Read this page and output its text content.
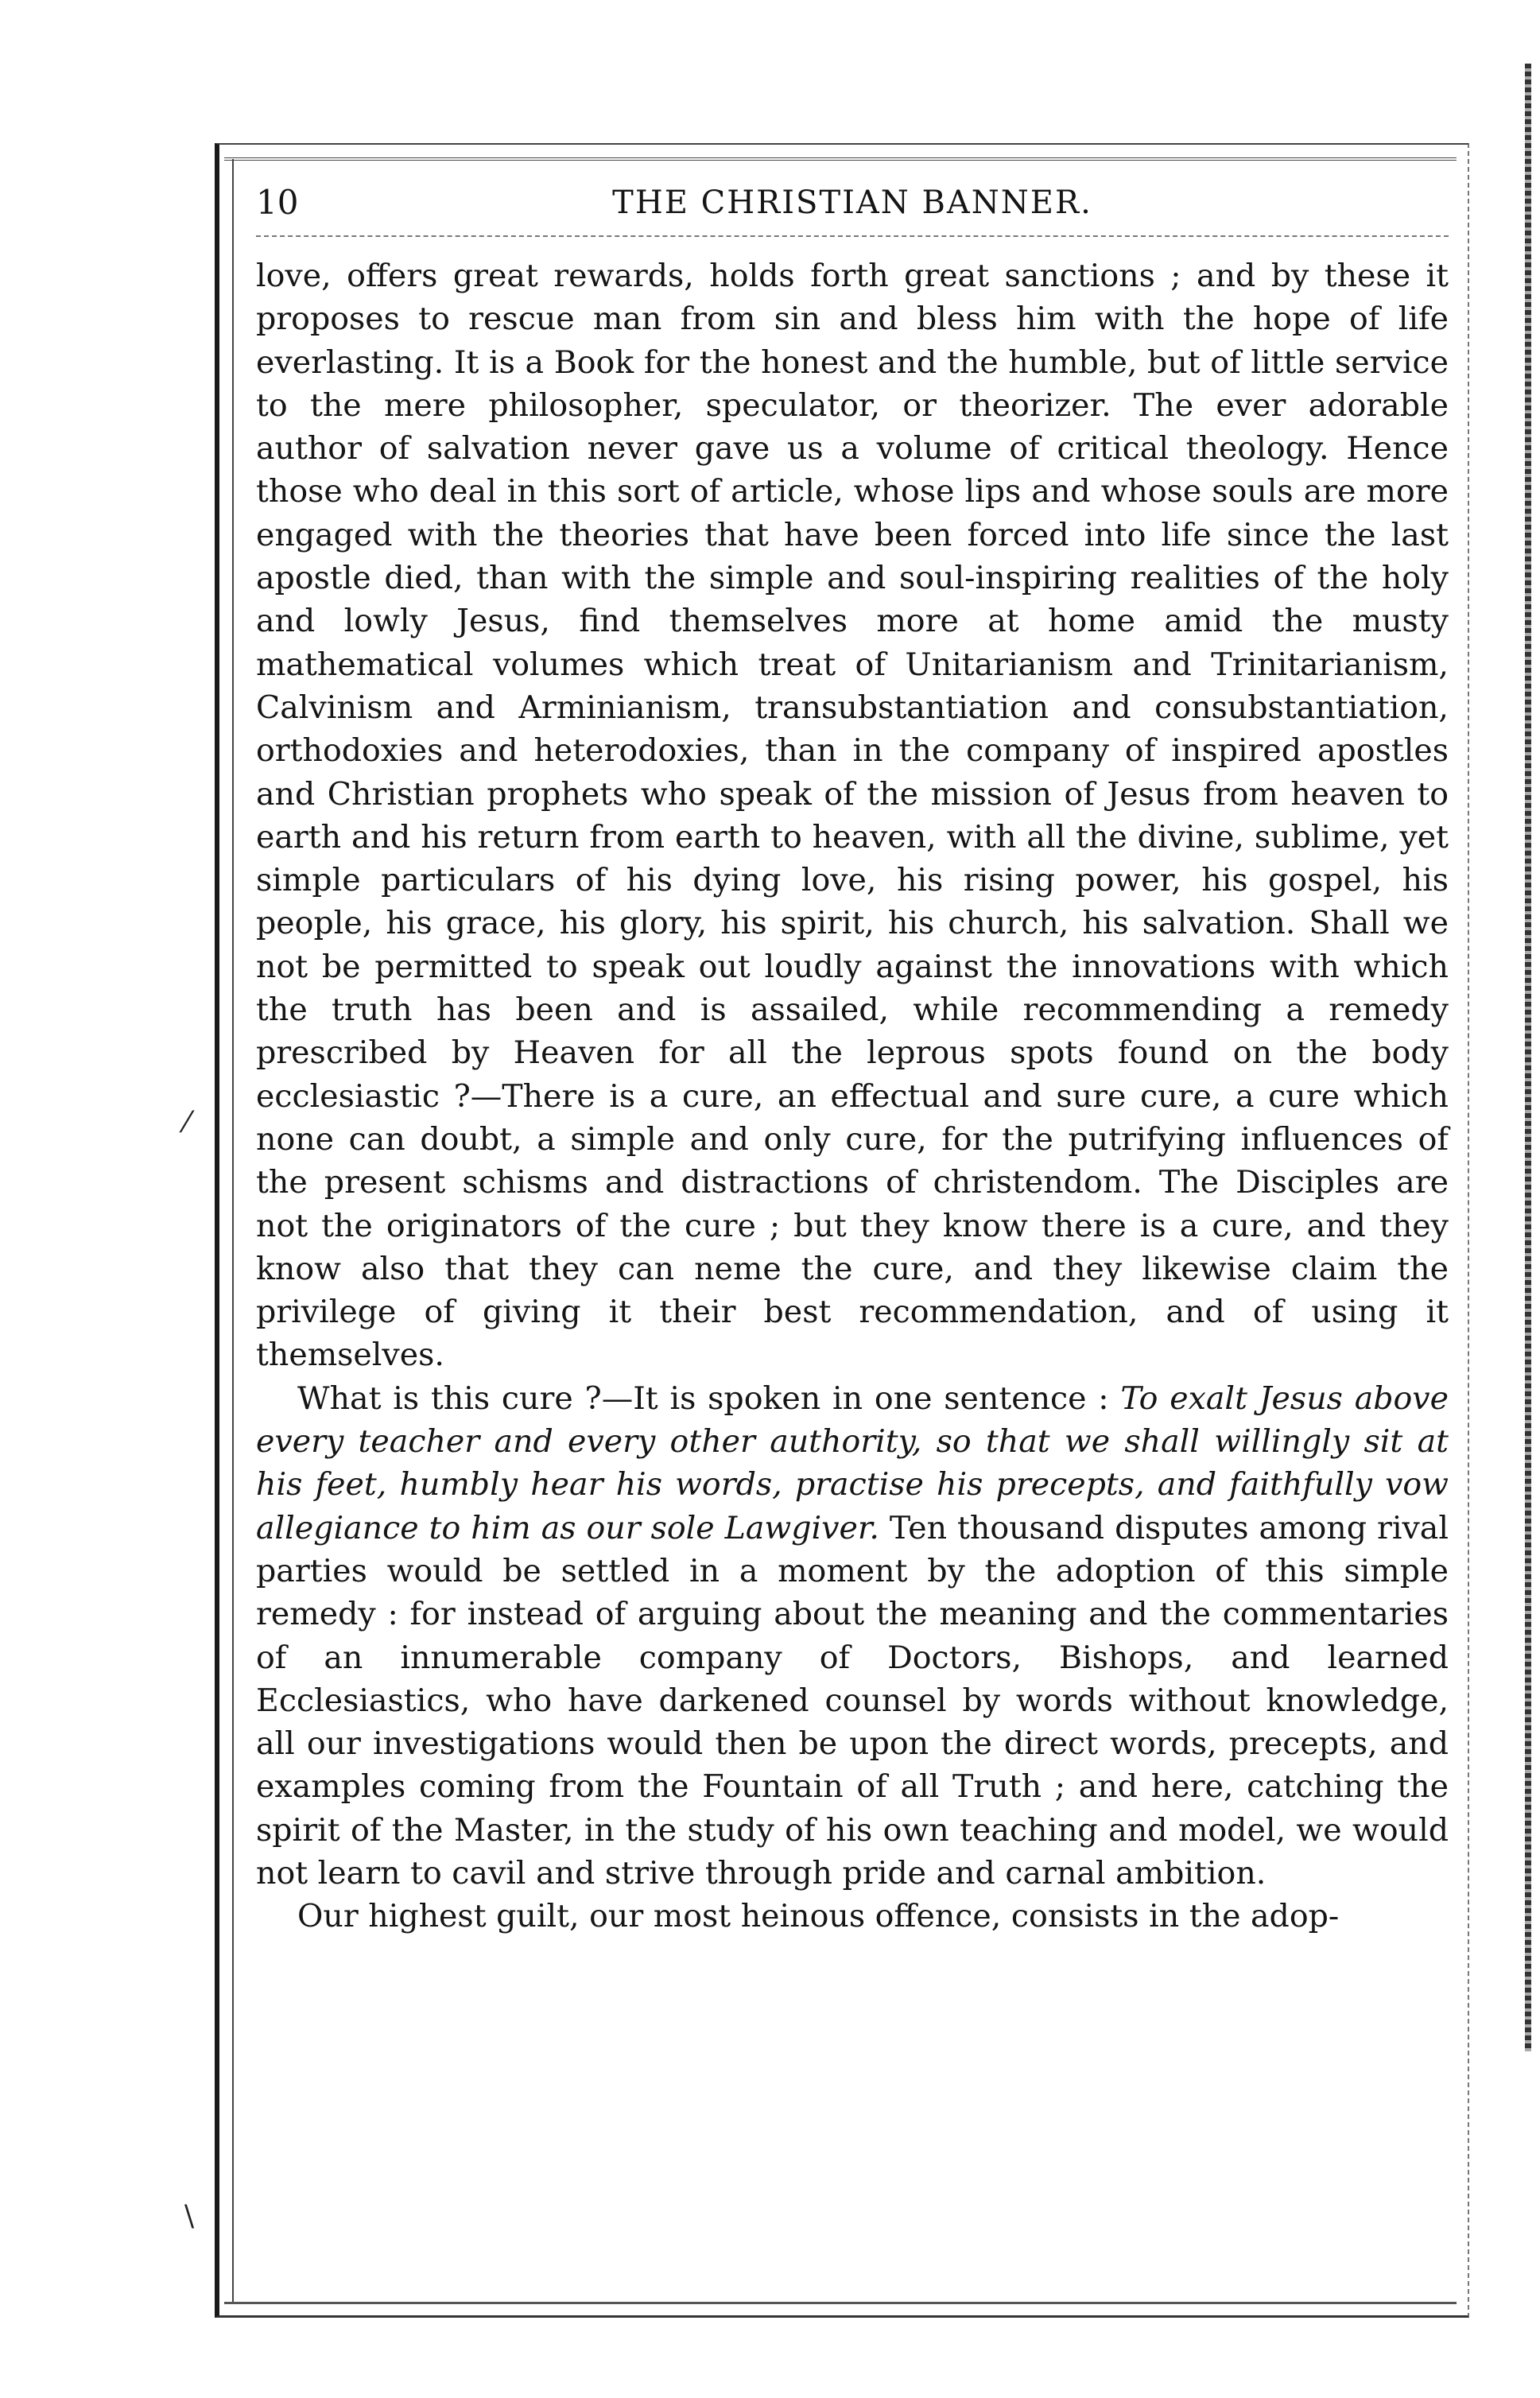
THE CHRISTIAN BANNER.
10

love, offers great rewards, holds forth great sanctions ; and by these it proposes to rescue man from sin and bless him with the hope of life everlasting. It is a Book for the honest and the humble, but of little service to the mere philosopher, speculator, or theorizer. The ever adorable author of salvation never gave us a volume of critical theology. Hence those who deal in this sort of article, whose lips and whose souls are more engaged with the theories that have been forced into life since the last apostle died, than with the simple and soul-inspiring realities of the holy and lowly Jesus, find themselves more at home amid the musty mathematical volumes which treat of Unitarianism and Trinitarianism, Calvinism and Arminianism, transubstantiation and consubstantiation, orthodoxies and heterodoxies, than in the company of inspired apostles and Christian prophets who speak of the mission of Jesus from heaven to earth and his return from earth to heaven, with all the divine, sublime, yet simple particulars of his dying love, his rising power, his gospel, his people, his grace, his glory, his spirit, his church, his salvation. Shall we not be permitted to speak out loudly against the innovations with which the truth has been and is assailed, while recommending a remedy prescribed by Heaven for all the leprous spots found on the body ecclesiastic ?—There is a cure, an effectual and sure cure, a cure which none can doubt, a simple and only cure, for the putrifying influences of the present schisms and distractions of christendom. The Disciples are not the originators of the cure ; but they know there is a cure, and they know also that they can neme the cure, and they likewise claim the privilege of giving it their best recommendation, and of using it themselves.

What is this cure ?—It is spoken in one sentence : To exalt Jesus above every teacher and every other authority, so that we shall willingly sit at his feet, humbly hear his words, practise his precepts, and faithfully vow allegiance to him as our sole Lawgiver. Ten thousand disputes among rival parties would be settled in a moment by the adoption of this simple remedy : for instead of arguing about the meaning and the commentaries of an innumerable company of Doctors, Bishops, and learned Ecclesiastics, who have darkened counsel by words without knowledge, all our investigations would then be upon the direct words, precepts, and examples coming from the Fountain of all Truth ; and here, catching the spirit of the Master, in the study of his own teaching and model, we would not learn to cavil and strive through pride and carnal ambition.

Our highest guilt, our most heinous offence, consists in the adop-

⁄
\
